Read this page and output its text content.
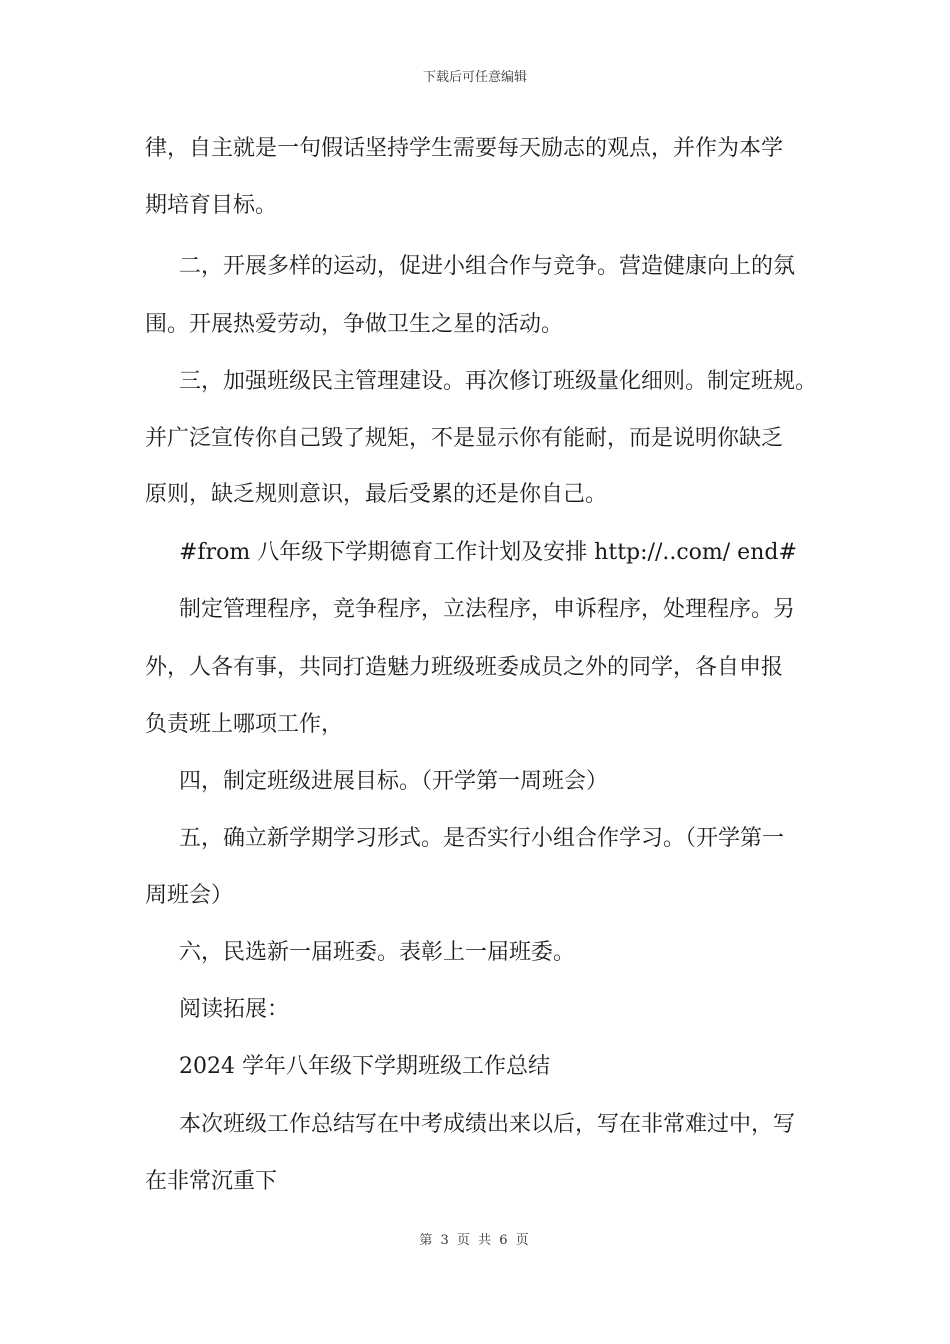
下载后可任意编辑
律，自主就是一句假话坚持学生需要每天励志的观点，并作为本学
期培育目标。
二，开展多样的运动，促进小组合作与竞争。营造健康向上的氛
围。开展热爱劳动，争做卫生之星的活动。
三，加强班级民主管理建设。再次修订班级量化细则。制定班规。
并广泛宣传你自己毁了规矩，不是显示你有能耐，而是说明你缺乏
原则，缺乏规则意识，最后受累的还是你自己。
#from 八年级下学期德育工作计划及安排 http://..com/ end#
制定管理程序，竞争程序，立法程序，申诉程序，处理程序。另
外，人各有事，共同打造魅力班级班委成员之外的同学，各自申报
负责班上哪项工作，
四，制定班级进展目标。（开学第一周班会）
五，确立新学期学习形式。是否实行小组合作学习。（开学第一
周班会）
六，民选新一届班委。表彰上一届班委。
阅读拓展：
2024 学年八年级下学期班级工作总结
本次班级工作总结写在中考成绩出来以后，写在非常难过中，写
在非常沉重下
第 3 页 共 6 页
